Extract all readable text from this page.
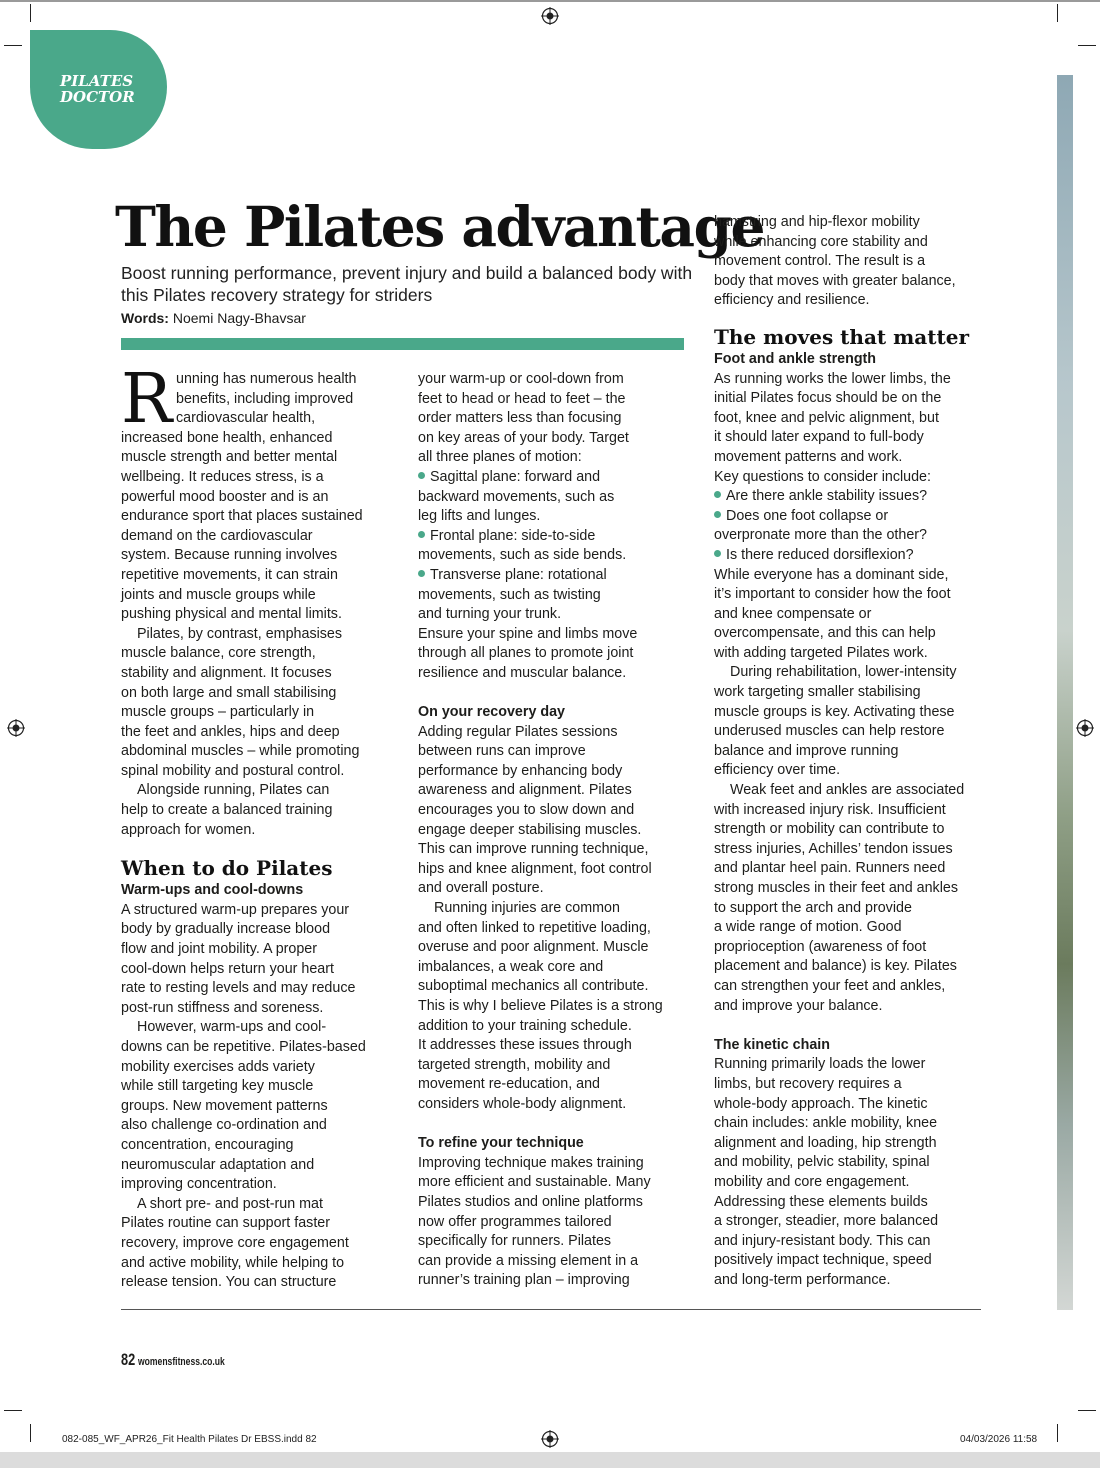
PILATES
DOCTOR
The Pilates advantage

Boost running performance, prevent injury and build a balanced body with this Pilates recovery strategy for striders

Words: Noemi Nagy-Bhavsar
R unning has numerous health
benefits, including improved
cardiovascular health,
increased bone health, enhanced
muscle strength and better mental
wellbeing. It reduces stress, is a
powerful mood booster and is an
endurance sport that places sustained
demand on the cardiovascular
system. Because running involves
repetitive movements, it can strain
joints and muscle groups while
pushing physical and mental limits.

Pilates, by contrast, emphasises
muscle balance, core strength,
stability and alignment. It focuses
on both large and small stabilising
muscle groups – particularly in
the feet and ankles, hips and deep
abdominal muscles – while promoting
spinal mobility and postural control.

Alongside running, Pilates can
help to create a balanced training
approach for women.

When to do Pilates
Warm-ups and cool-downs

A structured warm-up prepares your
body by gradually increase blood
flow and joint mobility. A proper
cool-down helps return your heart
rate to resting levels and may reduce
post-run stiffness and soreness.

However, warm-ups and cool-
downs can be repetitive. Pilates-based
mobility exercises adds variety
while still targeting key muscle
groups. New movement patterns
also challenge co-ordination and
concentration, encouraging
neuromuscular adaptation and
improving concentration.

A short pre- and post-run mat
Pilates routine can support faster
recovery, improve core engagement
and active mobility, while helping to
release tension. You can structure

your warm-up or cool-down from
feet to head or head to feet – the
order matters less than focusing
on key areas of your body. Target
all three planes of motion:

Sagittal plane: forward and
backward movements, such as
leg lifts and lunges.

Frontal plane: side-to-side
movements, such as side bends.

Transverse plane: rotational
movements, such as twisting
and turning your trunk.

Ensure your spine and limbs move
through all planes to promote joint
resilience and muscular balance.

On your recovery day

Adding regular Pilates sessions
between runs can improve
performance by enhancing body
awareness and alignment. Pilates
encourages you to slow down and
engage deeper stabilising muscles.
This can improve running technique,
hips and knee alignment, foot control
and overall posture.

Running injuries are common
and often linked to repetitive loading,
overuse and poor alignment. Muscle
imbalances, a weak core and
suboptimal mechanics all contribute.
This is why I believe Pilates is a strong
addition to your training schedule.
It addresses these issues through
targeted strength, mobility and
movement re-education, and
considers whole-body alignment.

To refine your technique

Improving technique makes training
more efficient and sustainable. Many
Pilates studios and online platforms
now offer programmes tailored
specifically for runners. Pilates
can provide a missing element in a
runner’s training plan – improving

hamstring and hip-flexor mobility
while enhancing core stability and
movement control. The result is a
body that moves with greater balance,
efficiency and resilience.

The moves that matter
Foot and ankle strength

As running works the lower limbs, the
initial Pilates focus should be on the
foot, knee and pelvic alignment, but
it should later expand to full-body
movement patterns and work.
Key questions to consider include:

Are there ankle stability issues?

Does one foot collapse or
overpronate more than the other?

Is there reduced dorsiflexion?

While everyone has a dominant side,
it’s important to consider how the foot
and knee compensate or
overcompensate, and this can help
with adding targeted Pilates work.

During rehabilitation, lower-intensity
work targeting smaller stabilising
muscle groups is key. Activating these
underused muscles can help restore
balance and improve running
efficiency over time.

Weak feet and ankles are associated
with increased injury risk. Insufficient
strength or mobility can contribute to
stress injuries, Achilles’ tendon issues
and plantar heel pain. Runners need
strong muscles in their feet and ankles
to support the arch and provide
a wide range of motion. Good
proprioception (awareness of foot
placement and balance) is key. Pilates
can strengthen your feet and ankles,
and improve your balance.

The kinetic chain

Running primarily loads the lower
limbs, but recovery requires a
whole-body approach. The kinetic
chain includes: ankle mobility, knee
alignment and loading, hip strength
and mobility, pelvic stability, spinal
mobility and core engagement.
Addressing these elements builds
a stronger, steadier, more balanced
and injury-resistant body. This can
positively impact technique, speed
and long-term performance.

82 womensfitness.co.uk
082-085_WF_APR26_Fit Health Pilates Dr EBSS.indd 82	04/03/2026 11:58
